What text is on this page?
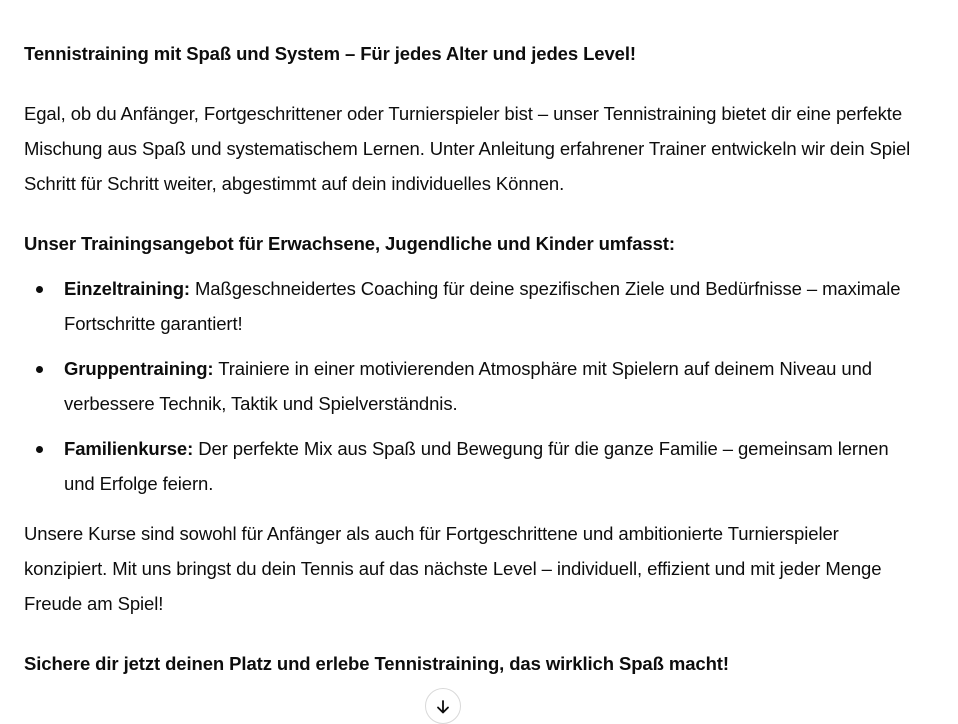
Tennistraining mit Spaß und System – Für jedes Alter und jedes Level!

Egal, ob du Anfänger, Fortgeschrittener oder Turnierspieler bist – unser Tennistraining bietet dir eine perfekte Mischung aus Spaß und systematischem Lernen. Unter Anleitung erfahrener Trainer entwickeln wir dein Spiel Schritt für Schritt weiter, abgestimmt auf dein individuelles Können.

Unser Trainingsangebot für Erwachsene, Jugendliche und Kinder umfasst:

Einzeltraining: Maßgeschneidertes Coaching für deine spezifischen Ziele und Bedürfnisse – maximale Fortschritte garantiert!
Gruppentraining: Trainiere in einer motivierenden Atmosphäre mit Spielern auf deinem Niveau und verbessere Technik, Taktik und Spielverständnis.
Familienkurse: Der perfekte Mix aus Spaß und Bewegung für die ganze Familie – gemeinsam lernen und Erfolge feiern.

Unsere Kurse sind sowohl für Anfänger als auch für Fortgeschrittene und ambitionierte Turnierspieler konzipiert. Mit uns bringst du dein Tennis auf das nächste Level – individuell, effizient und mit jeder Menge Freude am Spiel!

Sichere dir jetzt deinen Platz und erlebe Tennistraining, das wirklich Spaß macht!
